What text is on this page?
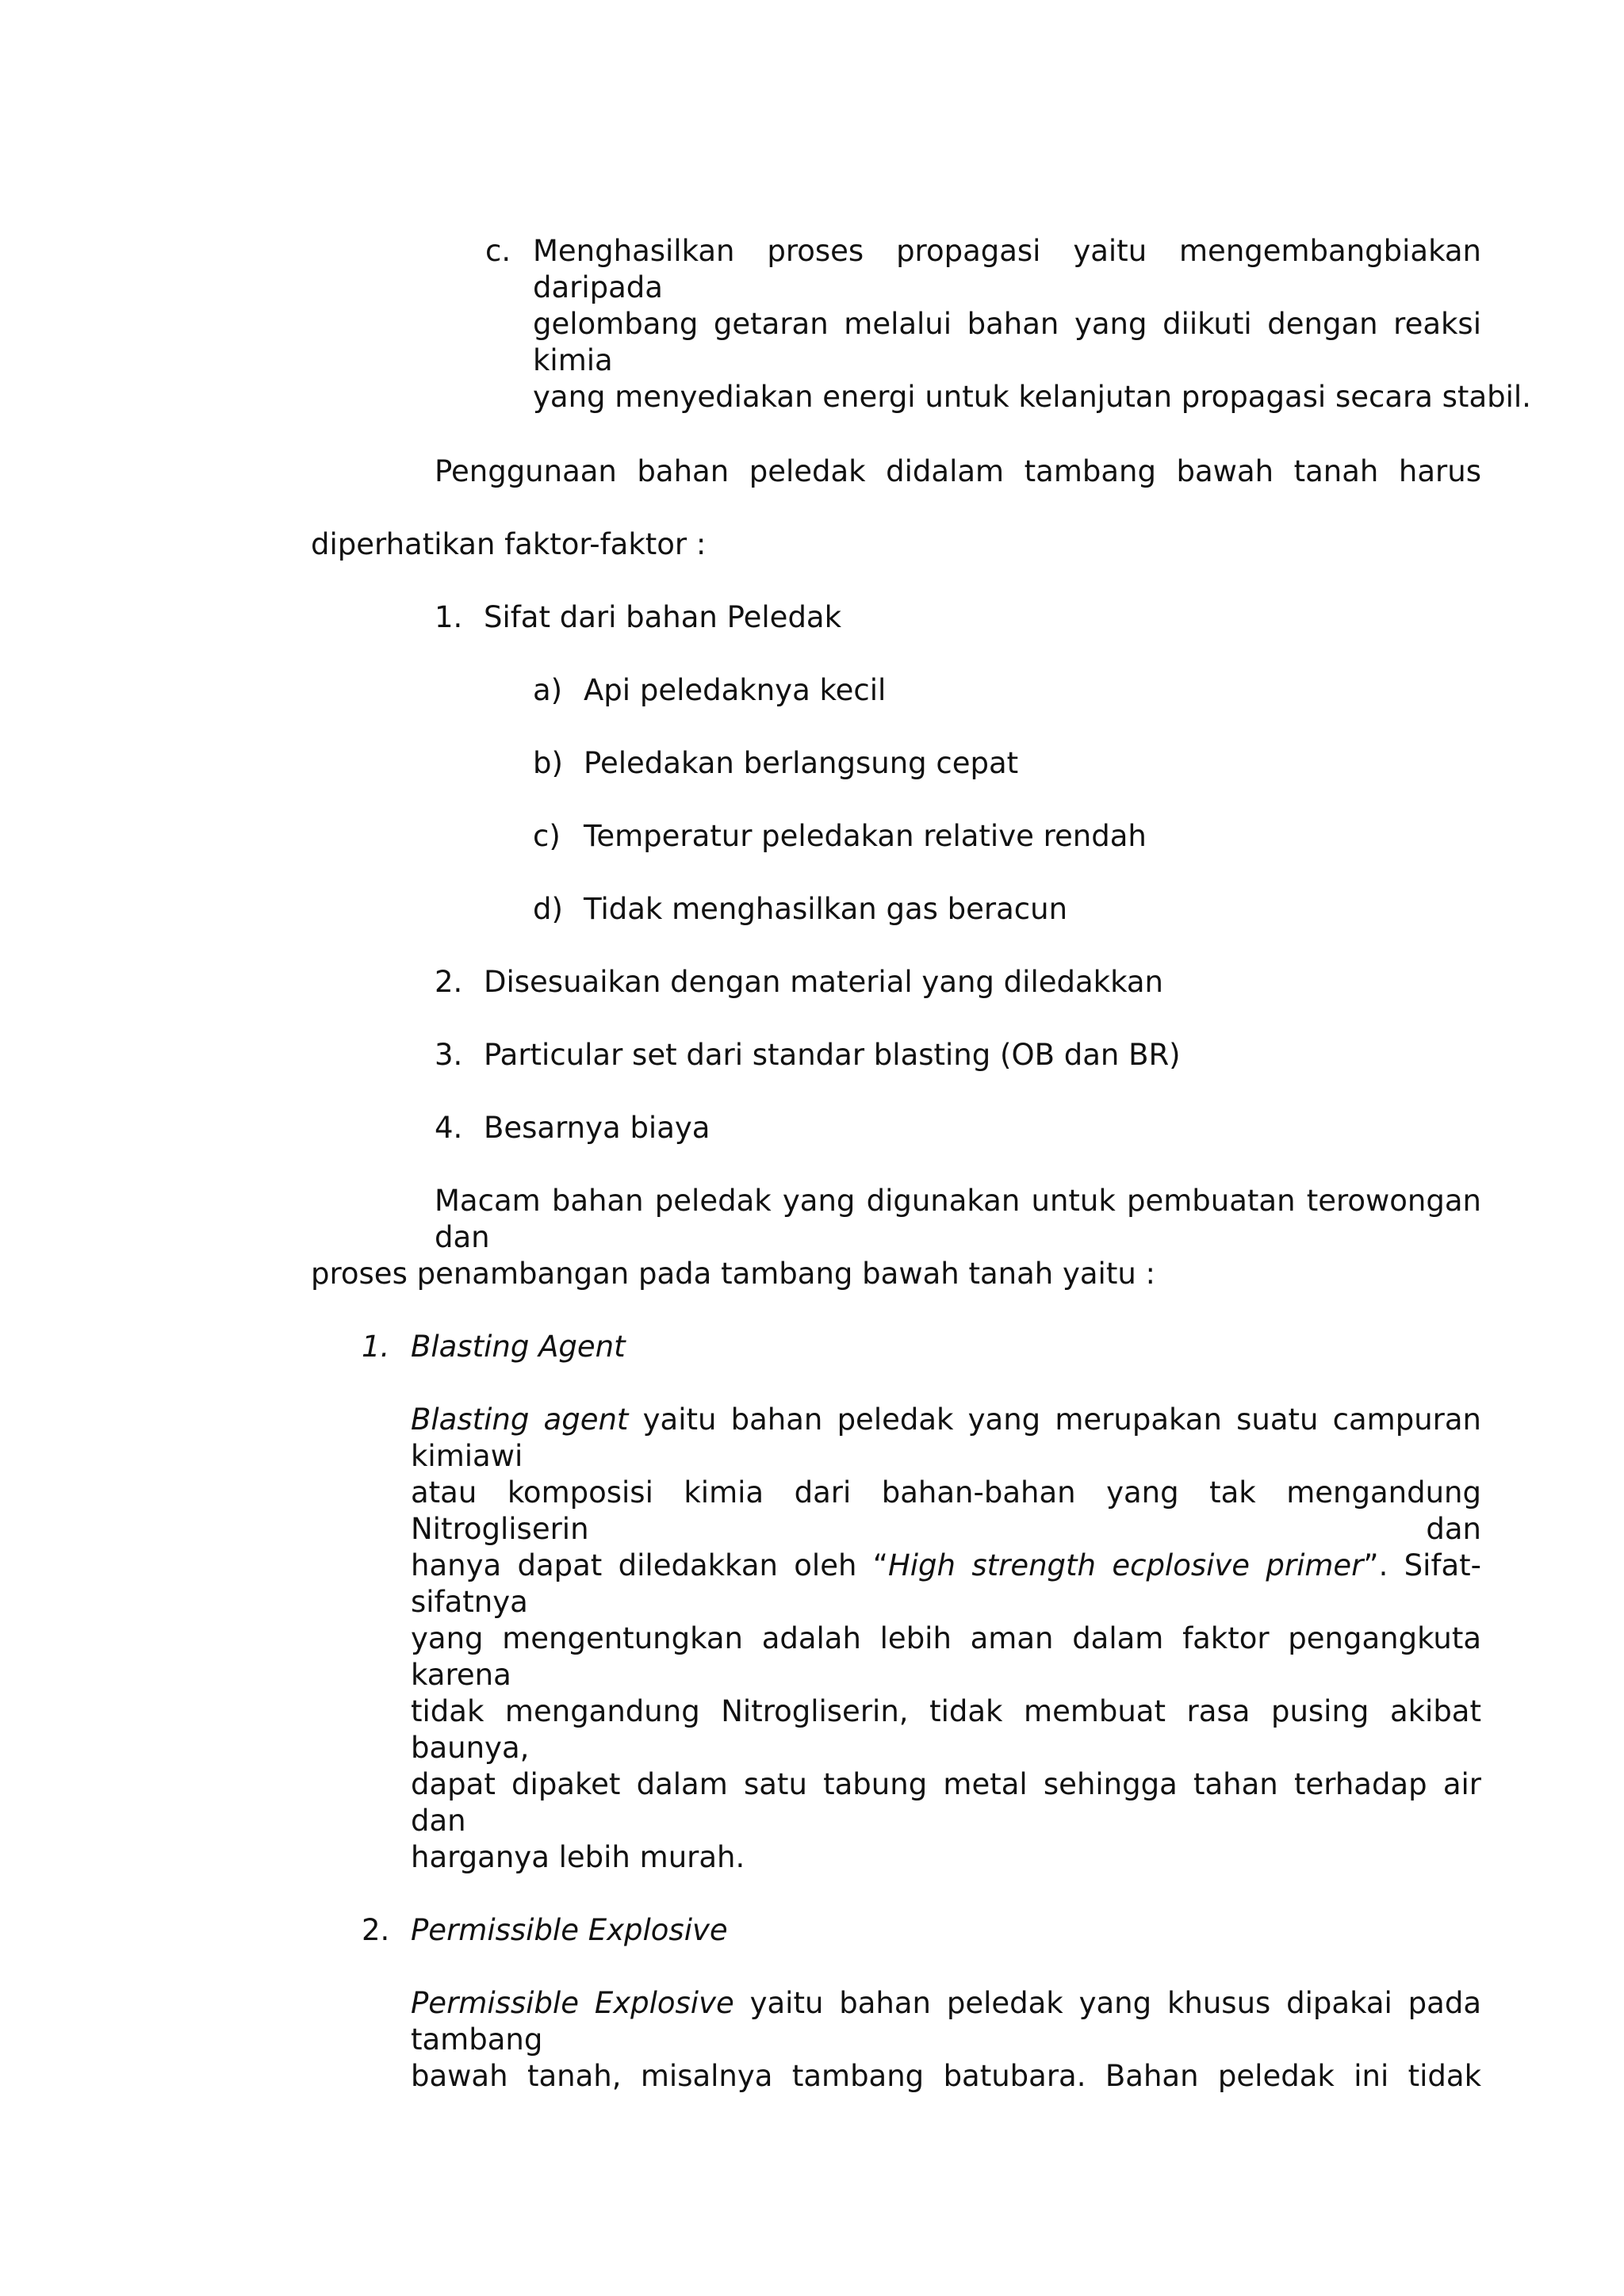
c. Menghasilkan proses propagasi yaitu mengembangbiakan daripada

gelombang getaran melalui bahan yang diikuti dengan reaksi kimia

yang menyediakan energi untuk kelanjutan propagasi secara stabil.

Penggunaan bahan peledak didalam tambang bawah tanah harus

diperhatikan faktor-faktor :

1. Sifat dari bahan Peledak

a) Api peledaknya kecil

b) Peledakan berlangsung cepat

c) Temperatur peledakan relative rendah

d) Tidak menghasilkan gas beracun

2. Disesuaikan dengan material yang diledakkan

3. Particular set dari standar blasting (OB dan BR)

4. Besarnya biaya

Macam bahan peledak yang digunakan untuk pembuatan terowongan dan

proses penambangan pada tambang bawah tanah yaitu :

1. Blasting Agent

Blasting agent yaitu bahan peledak yang merupakan suatu campuran kimiawi

atau komposisi kimia dari bahan-bahan yang tak mengandung Nitrogliserin dan

hanya dapat diledakkan oleh “High strength ecplosive primer”. Sifat-sifatnya

yang mengentungkan adalah lebih aman dalam faktor pengangkuta karena

tidak mengandung Nitrogliserin, tidak membuat rasa pusing akibat baunya,

dapat dipaket dalam satu tabung metal sehingga tahan terhadap air dan

harganya lebih murah.

2. Permissible Explosive

Permissible Explosive yaitu bahan peledak yang khusus dipakai pada tambang

bawah tanah, misalnya tambang batubara. Bahan peledak ini tidak
